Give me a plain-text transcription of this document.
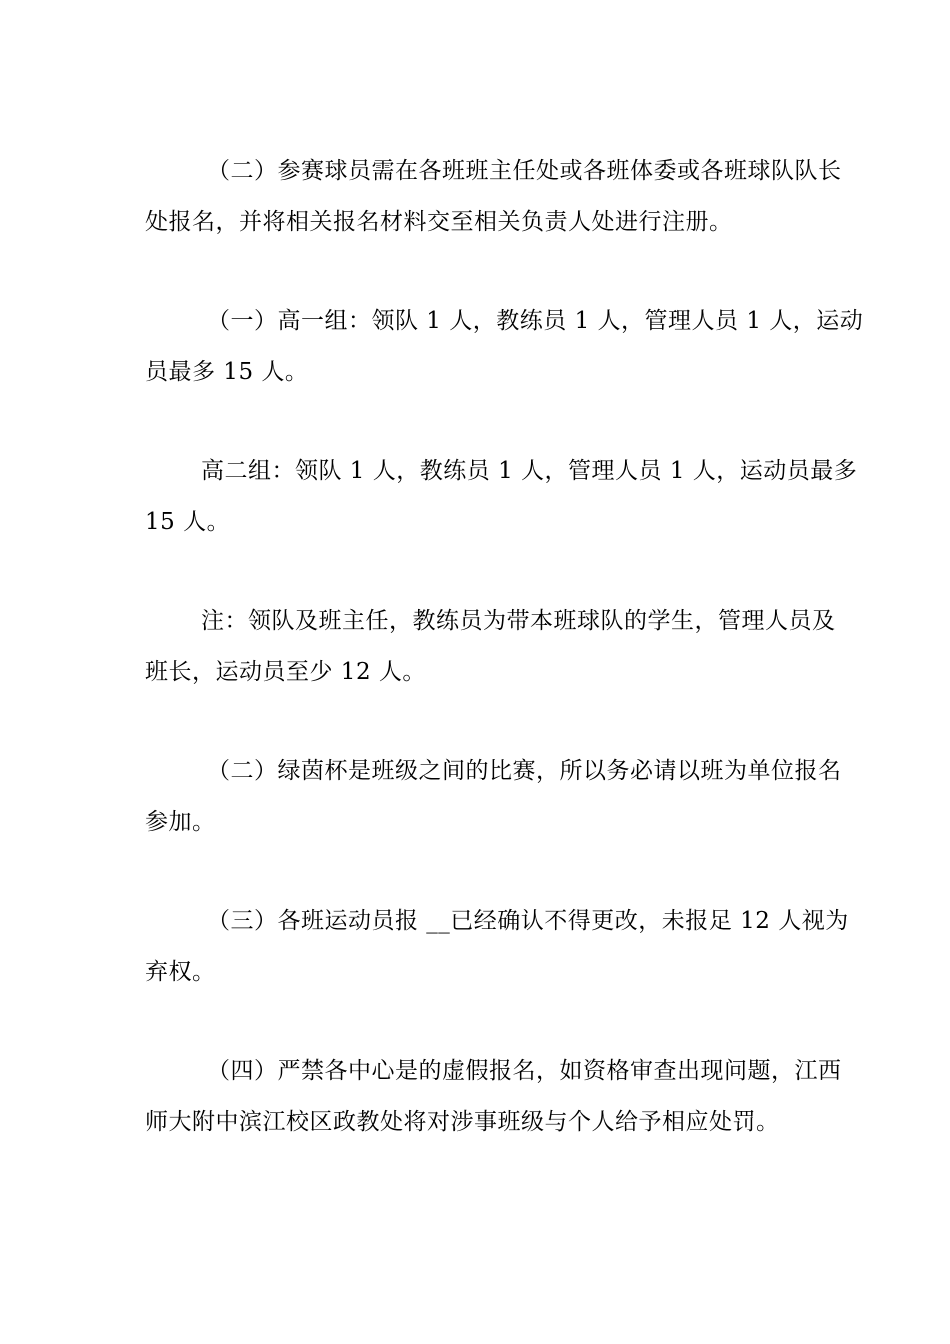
（二）参赛球员需在各班班主任处或各班体委或各班球队队长
处报名，并将相关报名材料交至相关负责人处进行注册。

（一）高一组：领队 1 人，教练员 1 人，管理人员 1 人，运动
员最多 15 人。

高二组：领队 1 人，教练员 1 人，管理人员 1 人，运动员最多
15 人。

注：领队及班主任，教练员为带本班球队的学生，管理人员及
班长，运动员至少 12 人。

（二）绿茵杯是班级之间的比赛，所以务必请以班为单位报名
参加。

（三）各班运动员报 __已经确认不得更改，未报足 12 人视为
弃权。

（四）严禁各中心是的虚假报名，如资格审查出现问题，江西
师大附中滨江校区政教处将对涉事班级与个人给予相应处罚。
